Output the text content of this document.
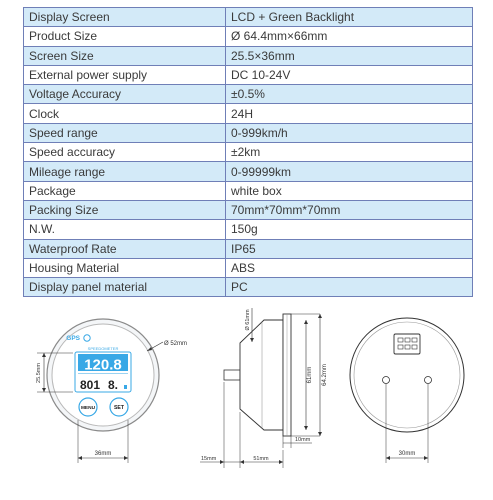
Display Screen	LCD + Green Backlight
Product Size	Ø 64.4mm×66mm
Screen Size	25.5×36mm
External power supply	DC 10-24V
Voltage Accuracy	±0.5%
Clock	24H
Speed range	0-999km/h
Speed accuracy	±2km
Mileage range	0-99999km
Package	white box
Packing Size	70mm*70mm*70mm
N.W.	150g
Waterproof Rate	IP65
Housing Material	ABS
Display panel material	PC
GPS
SPEEDOMETER
120.8
801 8.
MENU	SET
Ø 52mm
25.5mm
36mm
Ø 61mm
61mm 64.2mm
10mm
15mm	51mm
30mm
